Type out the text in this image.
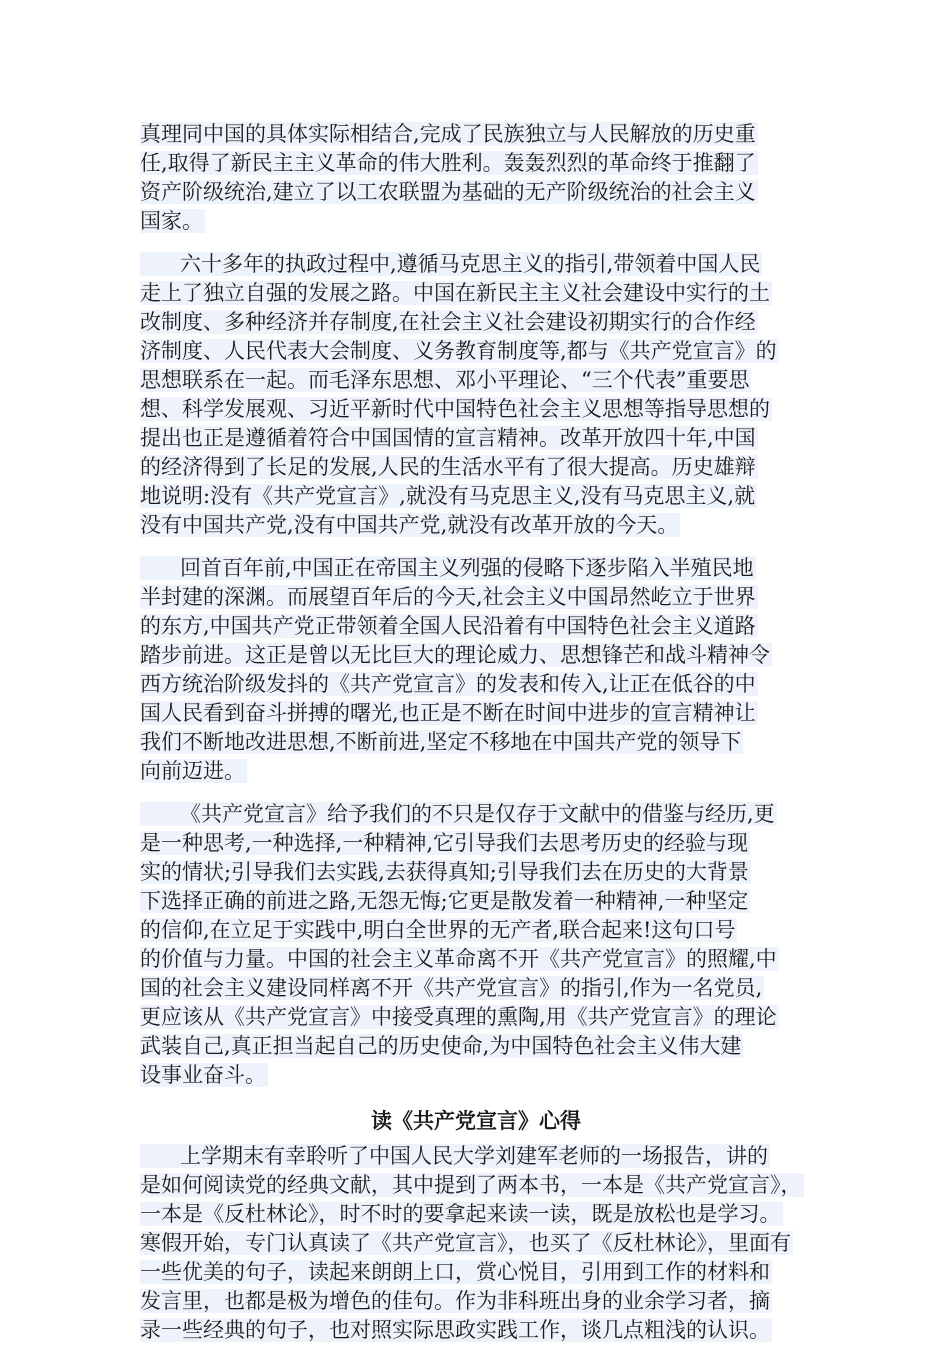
真理同中国的具体实际相结合,完成了民族独立与人民解放的历史重
任,取得了新民主主义革命的伟大胜利。轰轰烈烈的革命终于推翻了
资产阶级统治,建立了以工农联盟为基础的无产阶级统治的社会主义
国家。
六十多年的执政过程中,遵循马克思主义的指引,带领着中国人民
走上了独立自强的发展之路。中国在新民主主义社会建设中实行的土
改制度、多种经济并存制度,在社会主义社会建设初期实行的合作经
济制度、人民代表大会制度、义务教育制度等,都与《共产党宣言》的
思想联系在一起。而毛泽东思想、邓小平理论、“三个代表”重要思
想、科学发展观、习近平新时代中国特色社会主义思想等指导思想的
提出也正是遵循着符合中国国情的宣言精神。改革开放四十年,中国
的经济得到了长足的发展,人民的生活水平有了很大提高。历史雄辩
地说明:没有《共产党宣言》,就没有马克思主义,没有马克思主义,就
没有中国共产党,没有中国共产党,就没有改革开放的今天。
回首百年前,中国正在帝国主义列强的侵略下逐步陷入半殖民地
半封建的深渊。而展望百年后的今天,社会主义中国昂然屹立于世界
的东方,中国共产党正带领着全国人民沿着有中国特色社会主义道路
踏步前进。这正是曾以无比巨大的理论威力、思想锋芒和战斗精神令
西方统治阶级发抖的《共产党宣言》的发表和传入,让正在低谷的中
国人民看到奋斗拼搏的曙光,也正是不断在时间中进步的宣言精神让
我们不断地改进思想,不断前进,坚定不移地在中国共产党的领导下
向前迈进。
《共产党宣言》给予我们的不只是仅存于文献中的借鉴与经历,更
是一种思考,一种选择,一种精神,它引导我们去思考历史的经验与现
实的情状;引导我们去实践,去获得真知;引导我们去在历史的大背景
下选择正确的前进之路,无怨无悔;它更是散发着一种精神,一种坚定
的信仰,在立足于实践中,明白全世界的无产者,联合起来!这句口号
的价值与力量。中国的社会主义革命离不开《共产党宣言》的照耀,中
国的社会主义建设同样离不开《共产党宣言》的指引,作为一名党员,
更应该从《共产党宣言》中接受真理的熏陶,用《共产党宣言》的理论
武装自己,真正担当起自己的历史使命,为中国特色社会主义伟大建
设事业奋斗。
读《共产党宣言》心得
上学期末有幸聆听了中国人民大学刘建军老师的一场报告，讲的
是如何阅读党的经典文献，其中提到了两本书，一本是《共产党宣言》，
一本是《反杜林论》，时不时的要拿起来读一读，既是放松也是学习。
寒假开始，专门认真读了《共产党宣言》，也买了《反杜林论》，里面有
一些优美的句子，读起来朗朗上口，赏心悦目，引用到工作的材料和
发言里，也都是极为增色的佳句。作为非科班出身的业余学习者，摘
录一些经典的句子，也对照实际思政实践工作，谈几点粗浅的认识。
